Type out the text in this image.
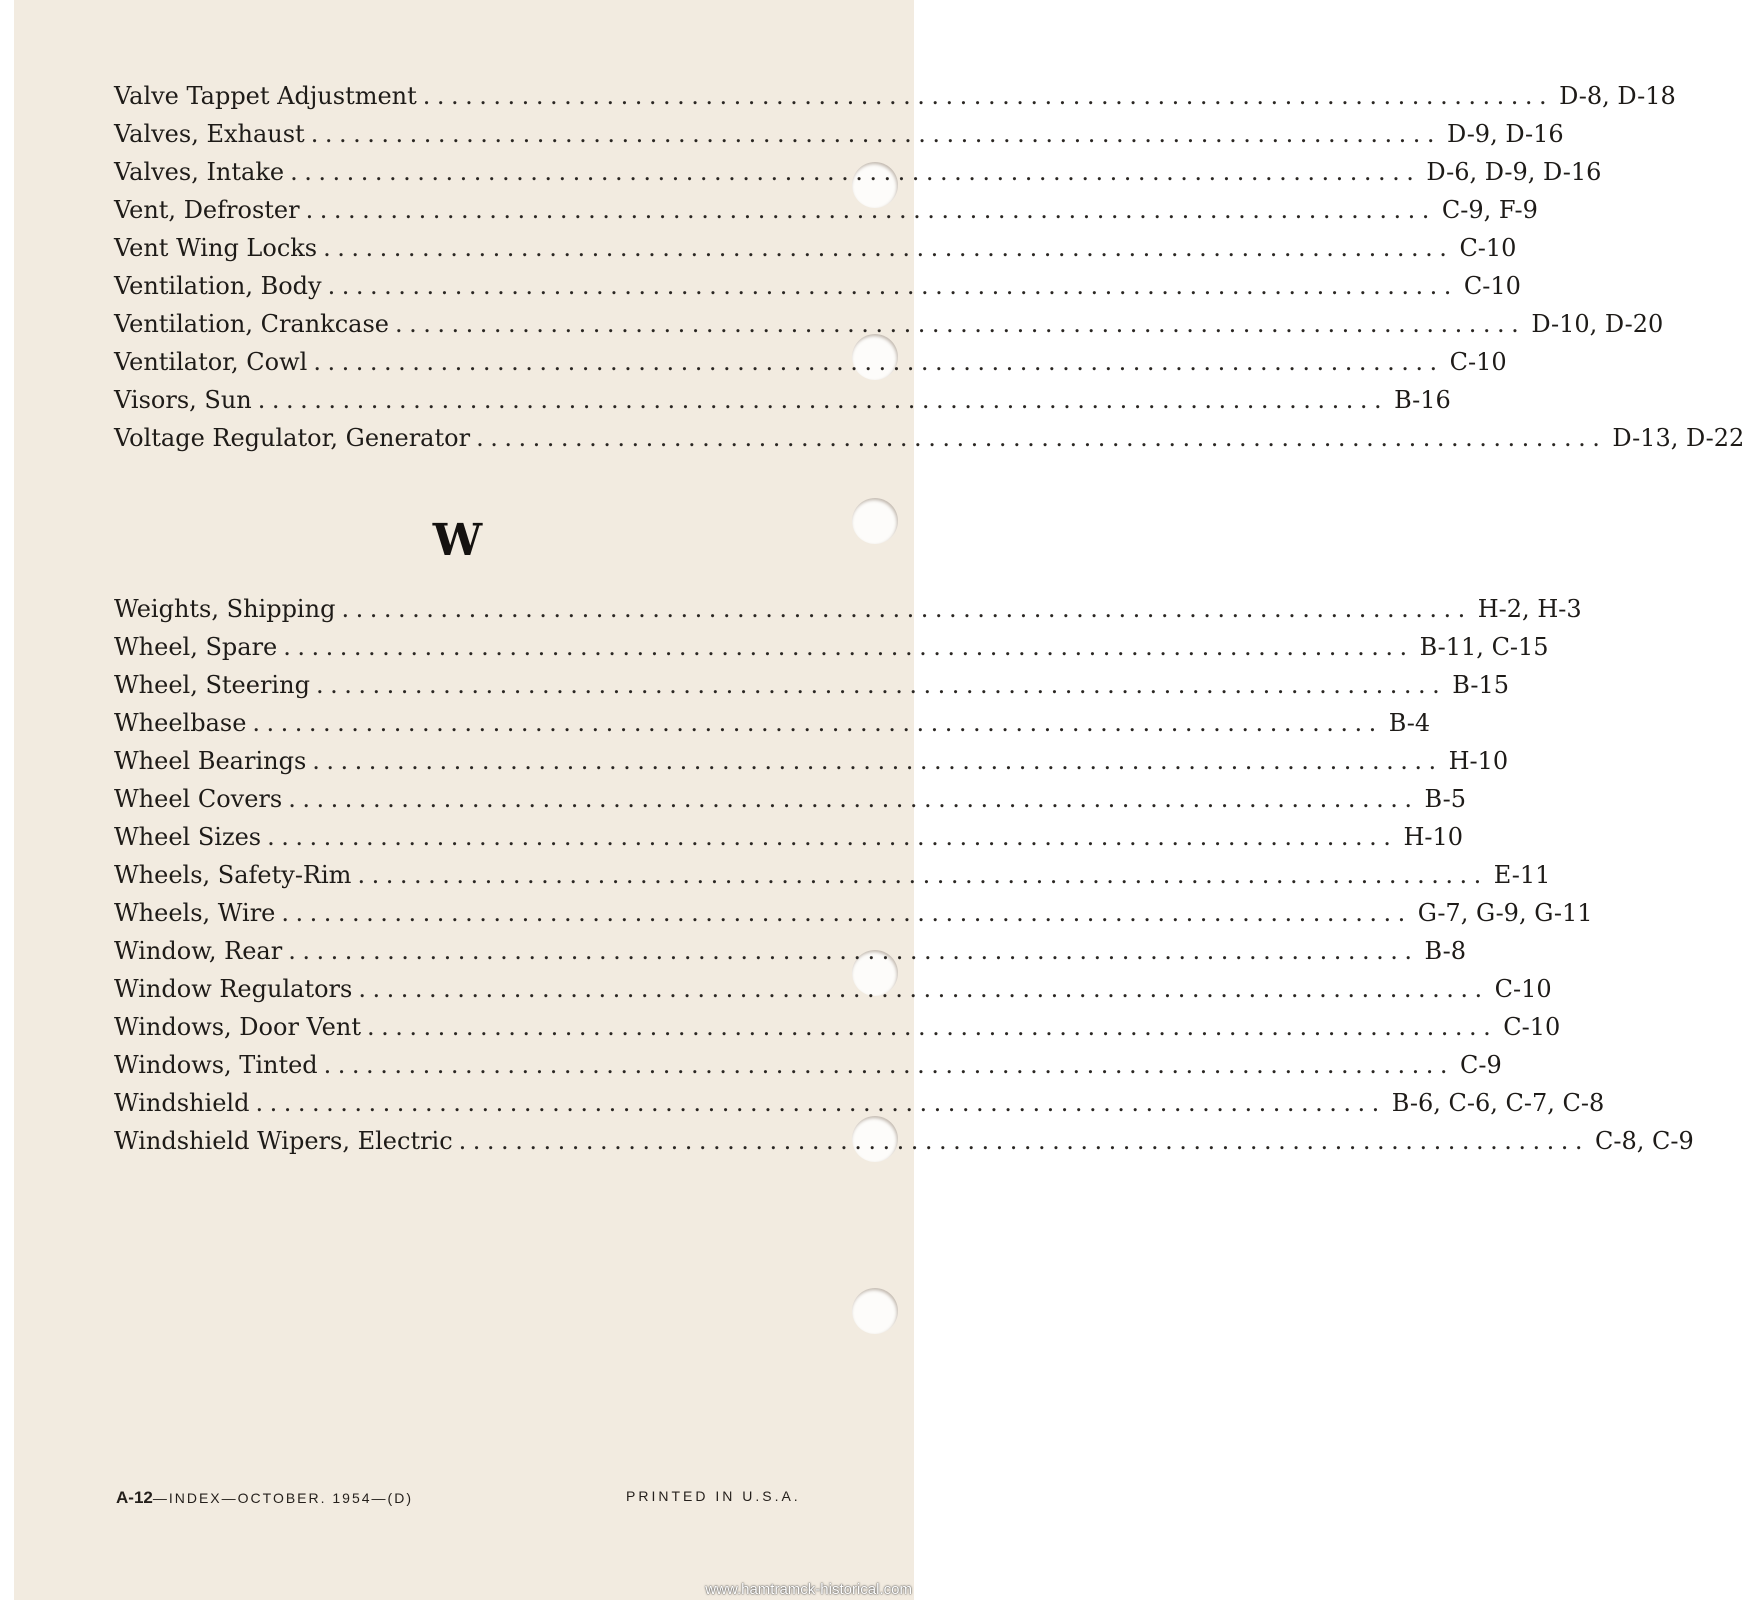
Valve Tappet Adjustment ................................................................................ D-8, D-18
Valves, Exhaust ................................................................................ D-9, D-16
Valves, Intake ................................................................................ D-6, D-9, D-16
Vent, Defroster ................................................................................ C-9, F-9
Vent Wing Locks ................................................................................ C-10
Ventilation, Body ................................................................................ C-10
Ventilation, Crankcase ................................................................................ D-10, D-20
Ventilator, Cowl ................................................................................ C-10
Visors, Sun ................................................................................ B-16
Voltage Regulator, Generator ................................................................................ D-13, D-22
W
Weights, Shipping ................................................................................ H-2, H-3
Wheel, Spare ................................................................................ B-11, C-15
Wheel, Steering ................................................................................ B-15
Wheelbase ................................................................................ B-4
Wheel Bearings ................................................................................ H-10
Wheel Covers ................................................................................ B-5
Wheel Sizes ................................................................................ H-10
Wheels, Safety-Rim ................................................................................ E-11
Wheels, Wire ................................................................................ G-7, G-9, G-11
Window, Rear ................................................................................ B-8
Window Regulators ................................................................................ C-10
Windows, Door Vent ................................................................................ C-10
Windows, Tinted ................................................................................ C-9
Windshield ................................................................................ B-6, C-6, C-7, C-8
Windshield Wipers, Electric ................................................................................ C-8, C-9
A-12—INDEX—OCTOBER. 1954—(D)	PRINTED IN U.S.A.
www.hamtramck-historical.com
